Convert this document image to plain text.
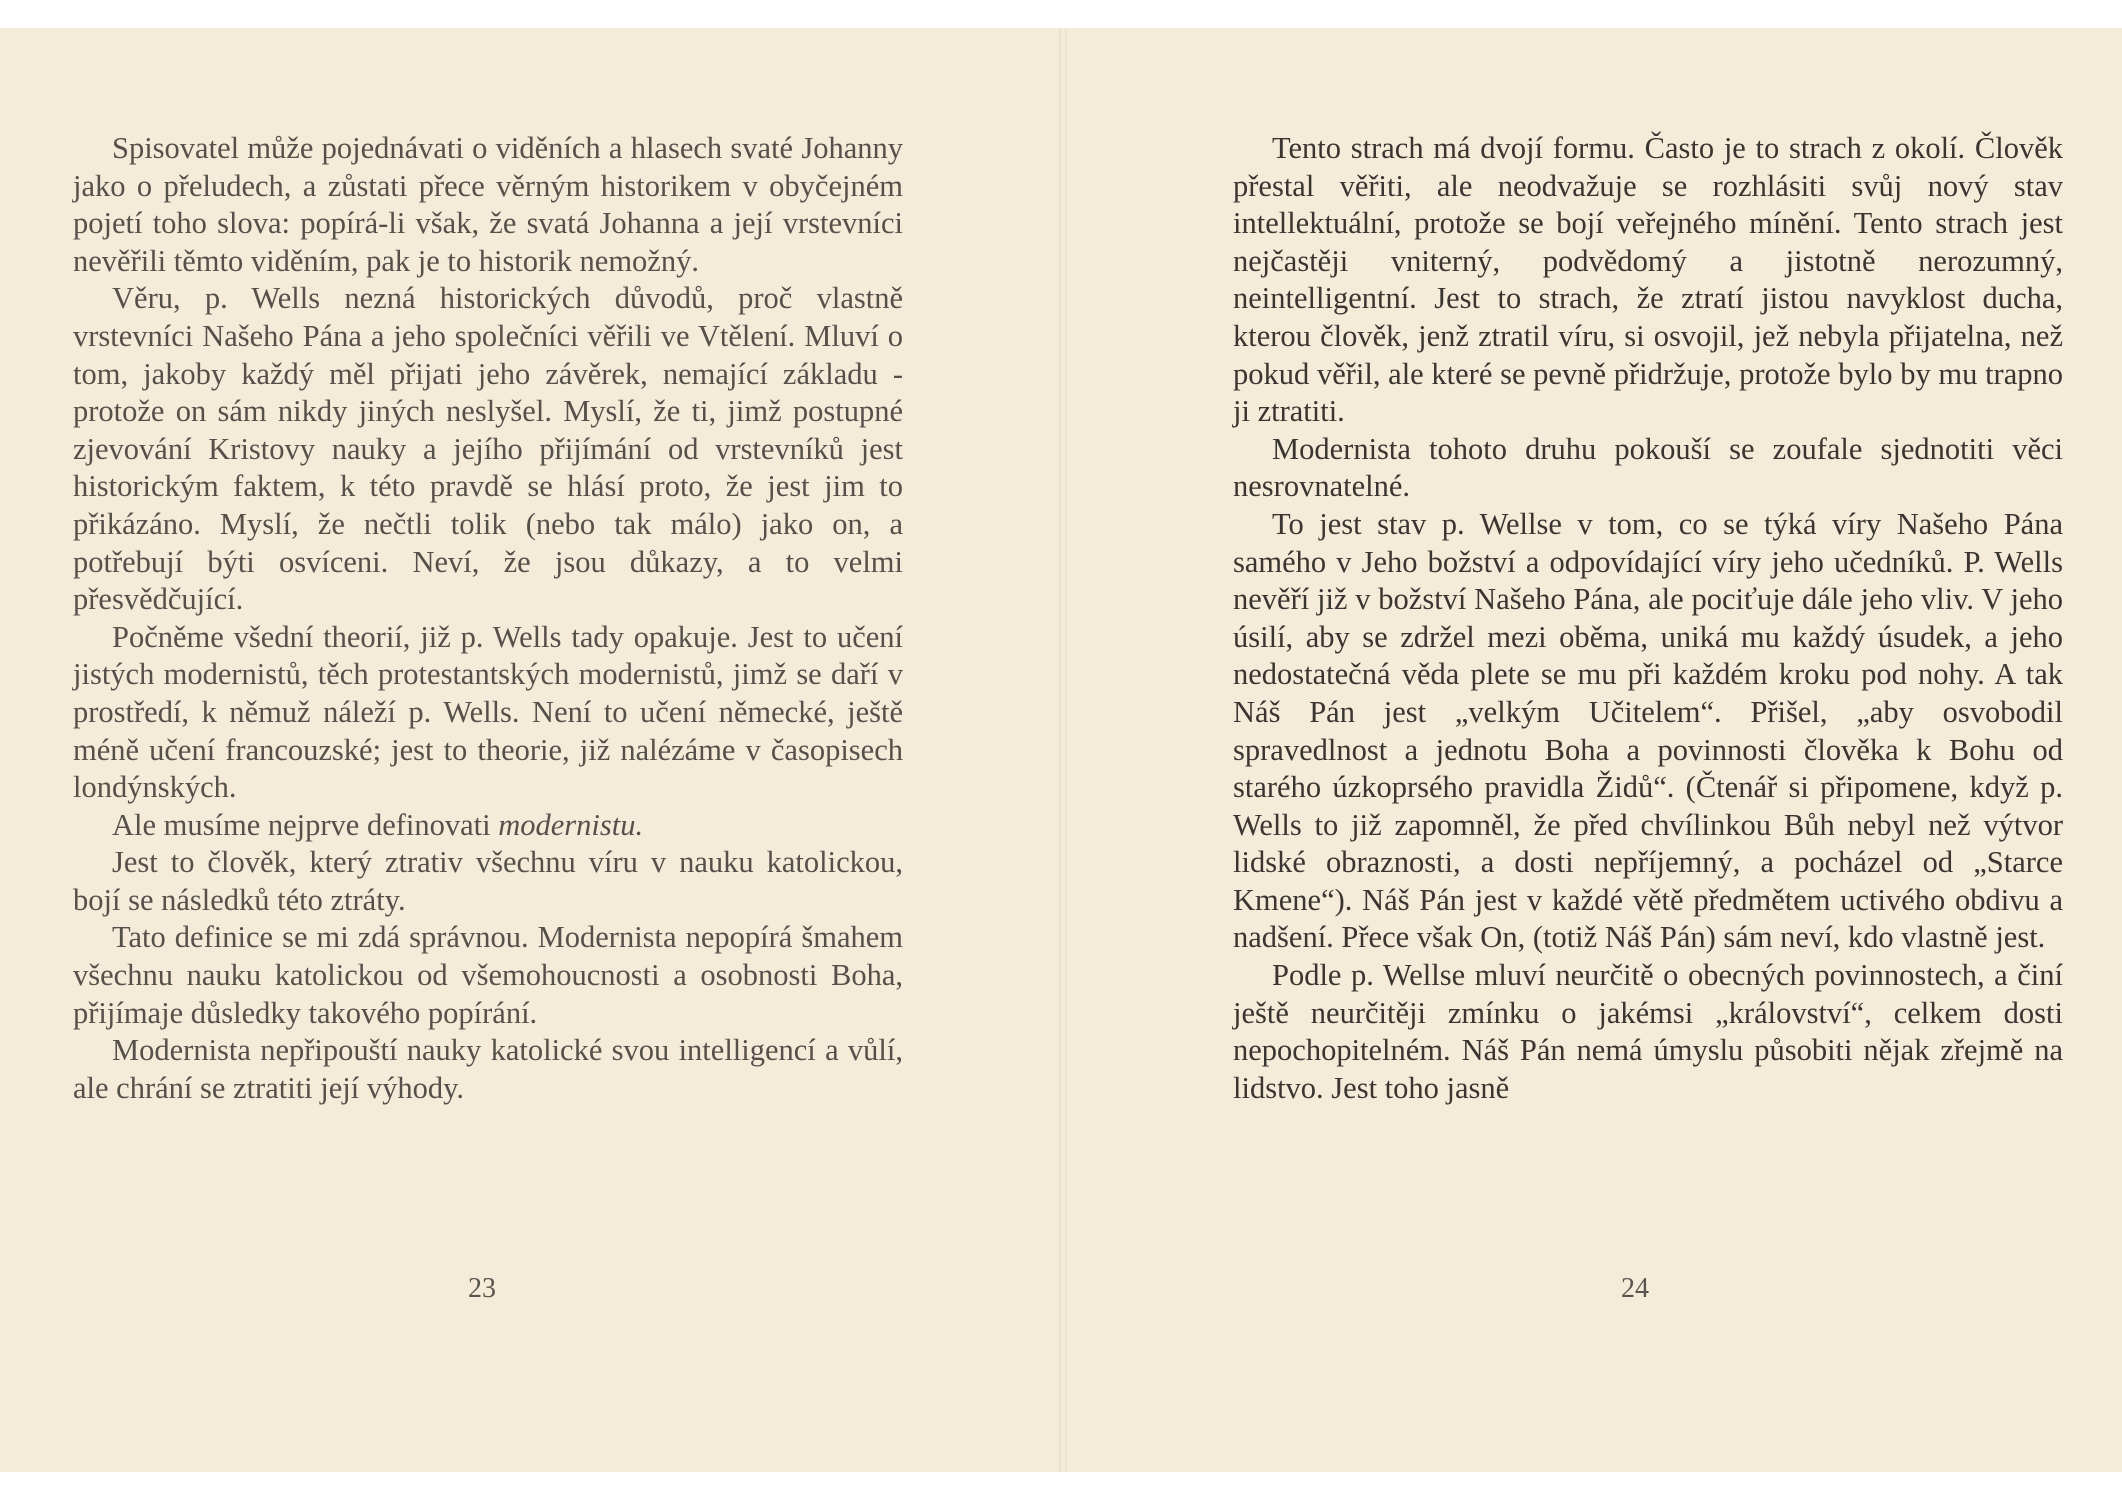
Spisovatel může pojednávati o viděních a hlasech svaté Johanny jako o přeludech, a zůstati přece věrným historikem v obyčejném pojetí toho slova: popírá-li však, že svatá Johanna a její vrstevníci nevěřili těmto viděním, pak je to historik nemožný.

Věru, p. Wells nezná historických důvodů, proč vlastně vrstevníci Našeho Pána a jeho společníci věřili ve Vtělení. Mluví o tom, jakoby každý měl přijati jeho závěrek, nemající základu - protože on sám nikdy jiných neslyšel. Myslí, že ti, jimž postupné zjevování Kristovy nauky a jejího přijímání od vrstevníků jest historickým faktem, k této pravdě se hlásí proto, že jest jim to přikázáno. Myslí, že nečtli tolik (nebo tak málo) jako on, a potřebují býti osvíceni. Neví, že jsou důkazy, a to velmi přesvědčující.

Počněme všední theorií, již p. Wells tady opakuje. Jest to učení jistých modernistů, těch protestantských modernistů, jimž se daří v prostředí, k němuž náleží p. Wells. Není to učení německé, ještě méně učení francouzské; jest to theorie, již nalézáme v časopisech londýnských.

Ale musíme nejprve definovati modernistu.

Jest to člověk, který ztrativ všechnu víru v nauku katolickou, bojí se následků této ztráty.

Tato definice se mi zdá správnou. Modernista nepopírá šmahem všechnu nauku katolickou od všemohoucnosti a osobnosti Boha, přijímaje důsledky takového popírání.

Modernista nepřipouští nauky katolické svou intelligencí a vůlí, ale chrání se ztratiti její výhody.

23

Tento strach má dvojí formu. Často je to strach z okolí. Člověk přestal věřiti, ale neodvažuje se rozhlásiti svůj nový stav intellektuální, protože se bojí veřejného mínění. Tento strach jest nejčastěji vniterný, podvědomý a jistotně nerozumný, neintelligentní. Jest to strach, že ztratí jistou navyklost ducha, kterou člověk, jenž ztratil víru, si osvojil, jež nebyla přijatelna, než pokud věřil, ale které se pevně přidržuje, protože bylo by mu trapno ji ztratiti.

Modernista tohoto druhu pokouší se zoufale sjednotiti věci nesrovnatelné.

To jest stav p. Wellse v tom, co se týká víry Našeho Pána samého v Jeho božství a odpovídající víry jeho učedníků. P. Wells nevěří již v božství Našeho Pána, ale pociťuje dále jeho vliv. V jeho úsilí, aby se zdržel mezi oběma, uniká mu každý úsudek, a jeho nedostatečná věda plete se mu při každém kroku pod nohy. A tak Náš Pán jest „velkým Učitelem“. Přišel, „aby osvobodil spravedlnost a jednotu Boha a povinnosti člověka k Bohu od starého úzkoprsého pravidla Židů“. (Čtenář si připomene, když p. Wells to již zapomněl, že před chvílinkou Bůh nebyl než výtvor lidské obraznosti, a dosti nepříjemný, a pocházel od „Starce Kmene“). Náš Pán jest v každé větě předmětem uctivého obdivu a nadšení. Přece však On, (totiž Náš Pán) sám neví, kdo vlastně jest.

Podle p. Wellse mluví neurčitě o obecných povinnostech, a činí ještě neurčitěji zmínku o jakémsi „království“, celkem dosti nepochopitelném. Náš Pán nemá úmyslu působiti nějak zřejmě na lidstvo. Jest toho jasně

24
